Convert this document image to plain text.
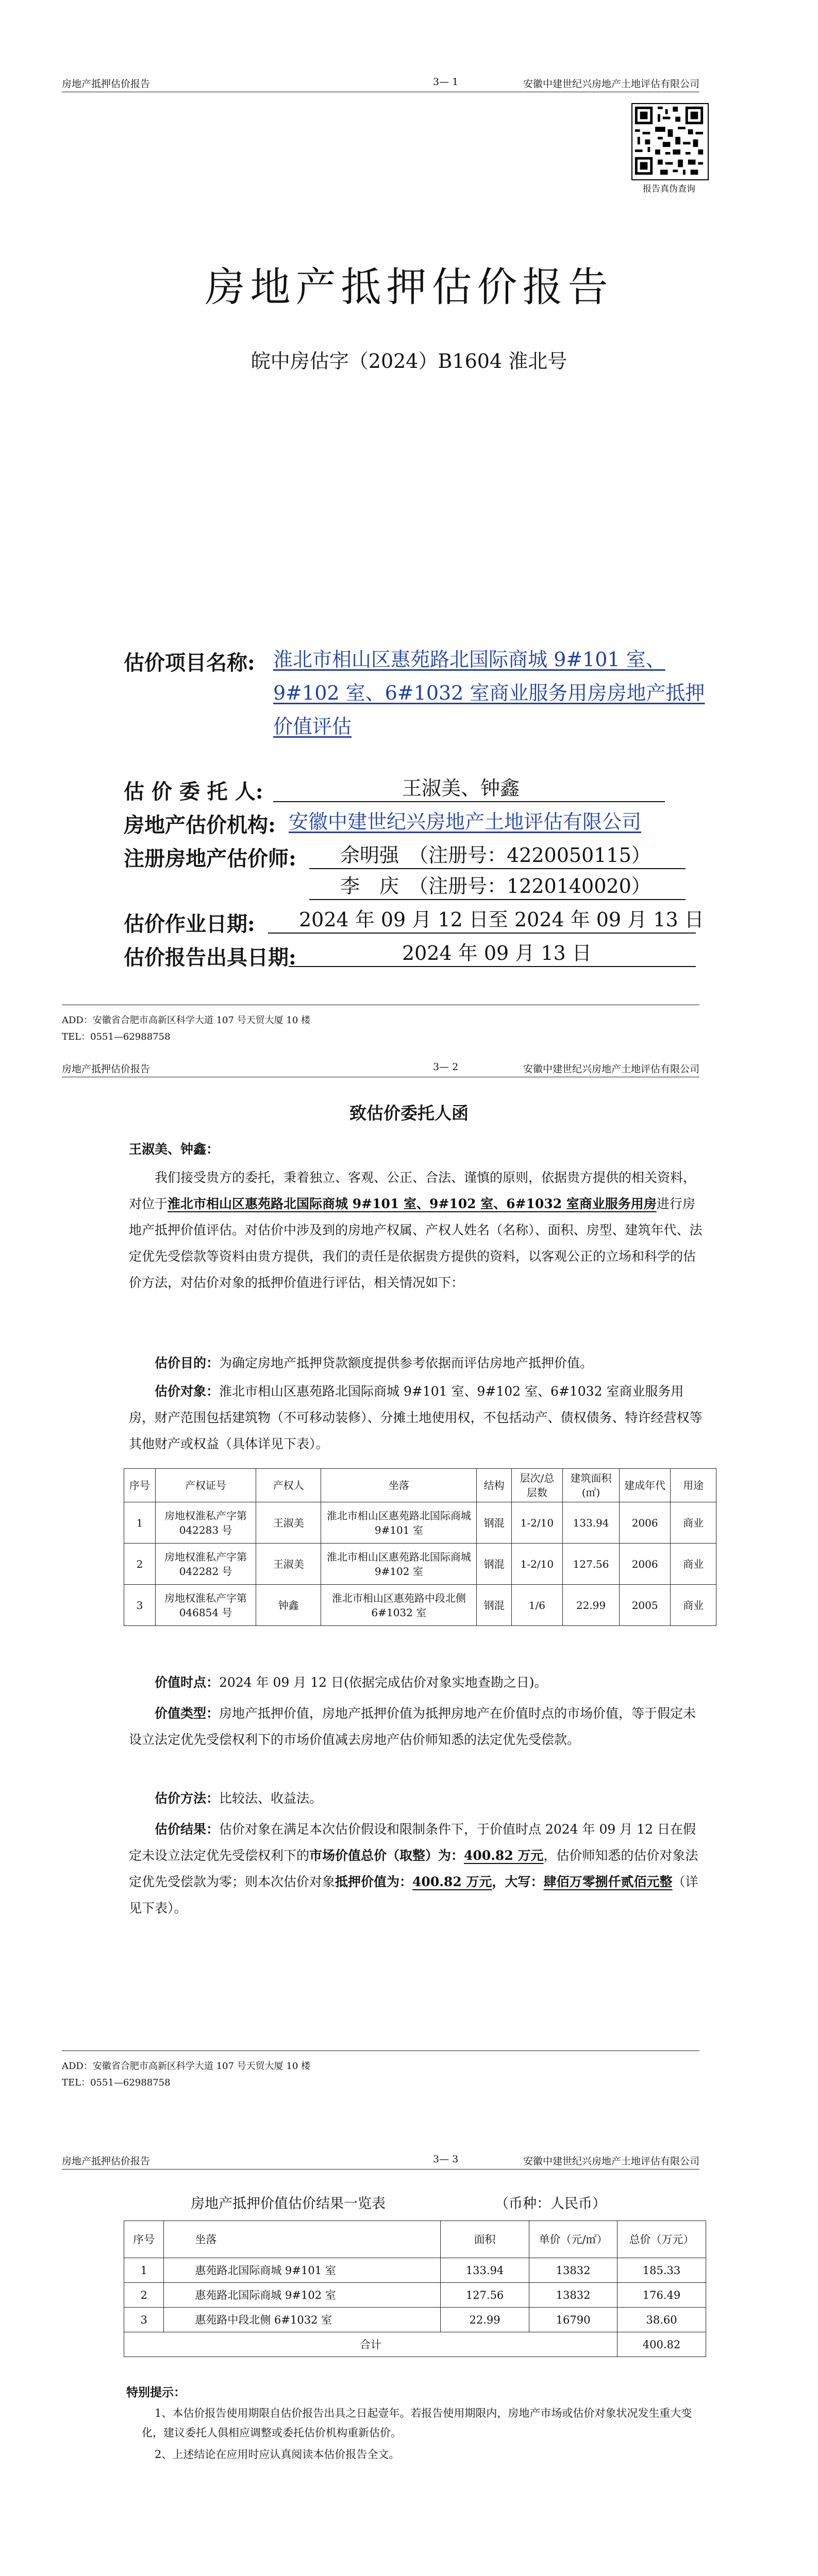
房地产抵押估价报告	3— 1	安徽中建世纪兴房地产土地评估有限公司
报告真伪查询
房地产抵押估价报告
皖中房估字（2024）B1604 淮北号
估价项目名称: 淮北市相山区惠苑路北国际商城 9#101 室、
9#102 室、6#1032 室商业服务用房房地产抵押
价值评估
估 价 委 托 人:	王淑美、钟鑫
房地产估价机构: 安徽中建世纪兴房地产土地评估有限公司
注册房地产估价师: 余明强　（注册号：4220050115）
李　庆　（注册号：1220140020）
估价作业日期: 2024 年 09 月 12 日至 2024 年 09 月 13 日
估价报告出具日期:	2024 年 09 月 13 日
ADD：安徽省合肥市高新区科学大道 107 号天贸大厦 10 楼
TEL：0551—62988758
房地产抵押估价报告	3— 2	安徽中建世纪兴房地产土地评估有限公司
致估价委托人函
王淑美、钟鑫：
我们接受贵方的委托，秉着独立、客观、公正、合法、谨慎的原则，依据贵方提供的相关资料，对位于淮北市相山区惠苑路北国际商城 9#101 室、9#102 室、6#1032 室商业服务用房进行房地产抵押价值评估。对估价中涉及到的房地产权属、产权人姓名（名称）、面积、房型、建筑年代、法定优先受偿款等资料由贵方提供，我们的责任是依据贵方提供的资料，以客观公正的立场和科学的估价方法，对估价对象的抵押价值进行评估，相关情况如下：
估价目的：为确定房地产抵押贷款额度提供参考依据而评估房地产抵押价值。
估价对象：淮北市相山区惠苑路北国际商城 9#101 室、9#102 室、6#1032 室商业服务用房，财产范围包括建筑物（不可移动装修）、分摊土地使用权，不包括动产、债权债务、特许经营权等其他财产或权益（具体详见下表）。
序号	产权证号	产权人	坐落	结构	层次/总层数	建筑面积(㎡)	建成年代	用途
1	房地权淮私产字第 042283 号	王淑美	淮北市相山区惠苑路北国际商城 9#101 室	钢混	1-2/10	133.94	2006	商业
2	房地权淮私产字第 042282 号	王淑美	淮北市相山区惠苑路北国际商城 9#102 室	钢混	1-2/10	127.56	2006	商业
3	房地权淮私产字第 046854 号	钟鑫	淮北市相山区惠苑路中段北侧 6#1032 室	钢混	1/6	22.99	2005	商业
价值时点：2024 年 09 月 12 日(依据完成估价对象实地查勘之日)。
价值类型：房地产抵押价值，房地产抵押价值为抵押房地产在价值时点的市场价值，等于假定未设立法定优先受偿权利下的市场价值减去房地产估价师知悉的法定优先受偿款。
估价方法：比较法、收益法。
估价结果：估价对象在满足本次估价假设和限制条件下，于价值时点 2024 年 09 月 12 日在假定未设立法定优先受偿权利下的市场价值总价（取整）为：400.82 万元，估价师知悉的估价对象法定优先受偿款为零；则本次估价对象抵押价值为：400.82 万元，大写：肆佰万零捌仟贰佰元整（详见下表）。
ADD：安徽省合肥市高新区科学大道 107 号天贸大厦 10 楼
TEL：0551—62988758
房地产抵押估价报告	3— 3	安徽中建世纪兴房地产土地评估有限公司
房地产抵押价值估价结果一览表	（币种：人民币）
序号	坐落	面积	单价（元/㎡）	总价（万元）
1	惠苑路北国际商城 9#101 室	133.94	13832	185.33
2	惠苑路北国际商城 9#102 室	127.56	13832	176.49
3	惠苑路中段北侧 6#1032 室	22.99	16790	38.60
合计				400.82
特别提示：
1、本估价报告使用期限自估价报告出具之日起壹年。若报告使用期限内，房地产市场或估价对象状况发生重大变化，建议委托人俱相应调整或委托估价机构重新估价。
2、上述结论在应用时应认真阅读本估价报告全文。
